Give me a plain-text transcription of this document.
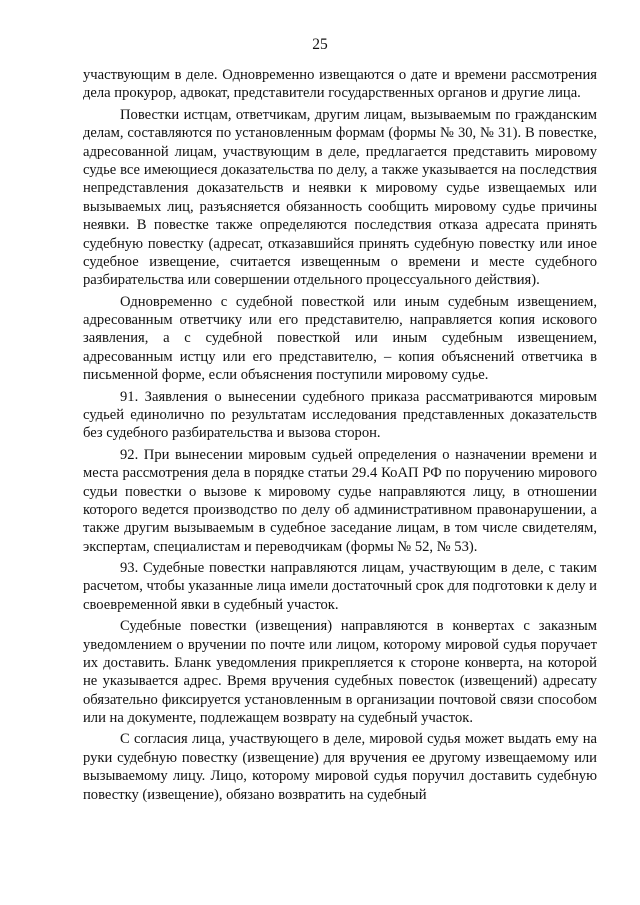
25

участвующим в деле. Одновременно извещаются о дате и времени рассмотрения дела прокурор, адвокат, представители государственных органов и другие лица.

Повестки истцам, ответчикам, другим лицам, вызываемым по гражданским делам, составляются по установленным формам (формы № 30, № 31). В повестке, адресованной лицам, участвующим в деле, предлагается представить мировому судье все имеющиеся доказательства по делу, а также указывается на последствия непредставления доказательств и неявки к мировому судье извещаемых или вызываемых лиц, разъясняется обязанность сообщить мировому судье причины неявки. В повестке также определяются последствия отказа адресата принять судебную повестку (адресат, отказавшийся принять судебную повестку или иное судебное извещение, считается извещенным о времени и месте судебного разбирательства или совершении отдельного процессуального действия).

Одновременно с судебной повесткой или иным судебным извещением, адресованным ответчику или его представителю, направляется копия искового заявления, а с судебной повесткой или иным судебным извещением, адресованным истцу или его представителю, – копия объяснений ответчика в письменной форме, если объяснения поступили мировому судье.

91. Заявления о вынесении судебного приказа рассматриваются мировым судьей единолично по результатам исследования представленных доказательств без судебного разбирательства и вызова сторон.

92. При вынесении мировым судьей определения о назначении времени и места рассмотрения дела в порядке статьи 29.4 КоАП РФ по поручению мирового судьи повестки о вызове к мировому судье направляются лицу, в отношении которого ведется производство по делу об административном правонарушении, а также другим вызываемым в судебное заседание лицам, в том числе свидетелям, экспертам, специалистам и переводчикам (формы № 52, № 53).

93. Судебные повестки направляются лицам, участвующим в деле, с таким расчетом, чтобы указанные лица имели достаточный срок для подготовки к делу и своевременной явки в судебный участок.

Судебные повестки (извещения) направляются в конвертах с заказным уведомлением о вручении по почте или лицом, которому мировой судья поручает их доставить. Бланк уведомления прикрепляется к стороне конверта, на которой не указывается адрес. Время вручения судебных повесток (извещений) адресату обязательно фиксируется установленным в организации почтовой связи способом или на документе, подлежащем возврату на судебный участок.

С согласия лица, участвующего в деле, мировой судья может выдать ему на руки судебную повестку (извещение) для вручения ее другому извещаемому или вызываемому лицу. Лицо, которому мировой судья поручил доставить судебную повестку (извещение), обязано возвратить на судебный
